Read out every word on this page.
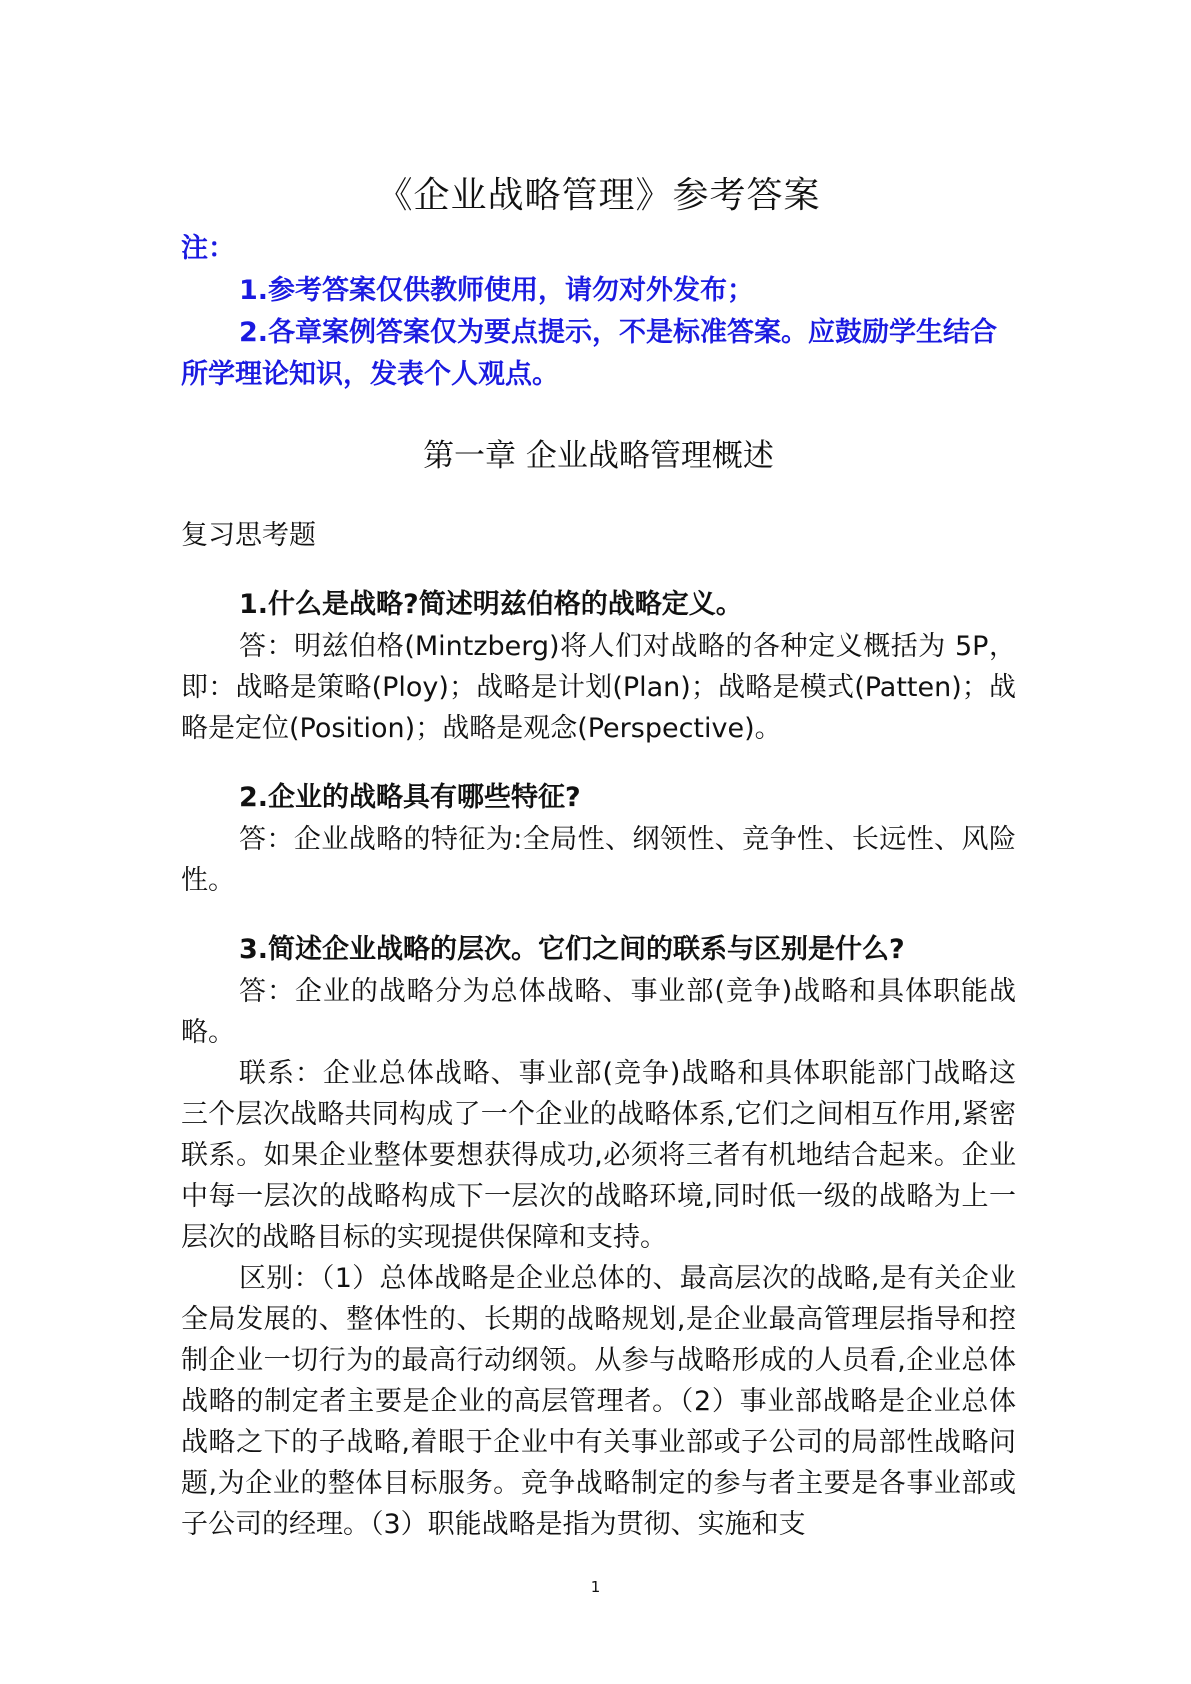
《企业战略管理》参考答案

注：

1.参考答案仅供教师使用，请勿对外发布；

2.各章案例答案仅为要点提示，不是标准答案。应鼓励学生结合所学理论知识，发表个人观点。

第一章 企业战略管理概述

复习思考题

1.什么是战略?简述明兹伯格的战略定义。

答：明兹伯格(Mintzberg)将人们对战略的各种定义概括为 5P，即：战略是策略(Ploy)；战略是计划(Plan)；战略是模式(Patten)；战略是定位(Position)；战略是观念(Perspective)。

2.企业的战略具有哪些特征?

答：企业战略的特征为:全局性、纲领性、竞争性、长远性、风险性。

3.简述企业战略的层次。它们之间的联系与区别是什么?

答：企业的战略分为总体战略、事业部(竞争)战略和具体职能战略。

联系：企业总体战略、事业部(竞争)战略和具体职能部门战略这三个层次战略共同构成了一个企业的战略体系,它们之间相互作用,紧密联系。如果企业整体要想获得成功,必须将三者有机地结合起来。企业中每一层次的战略构成下一层次的战略环境,同时低一级的战略为上一层次的战略目标的实现提供保障和支持。

区别：（1）总体战略是企业总体的、最高层次的战略,是有关企业全局发展的、整体性的、长期的战略规划,是企业最高管理层指导和控制企业一切行为的最高行动纲领。从参与战略形成的人员看,企业总体战略的制定者主要是企业的高层管理者。（2）事业部战略是企业总体战略之下的子战略,着眼于企业中有关事业部或子公司的局部性战略问题,为企业的整体目标服务。竞争战略制定的参与者主要是各事业部或子公司的经理。（3）职能战略是指为贯彻、实施和支

1
